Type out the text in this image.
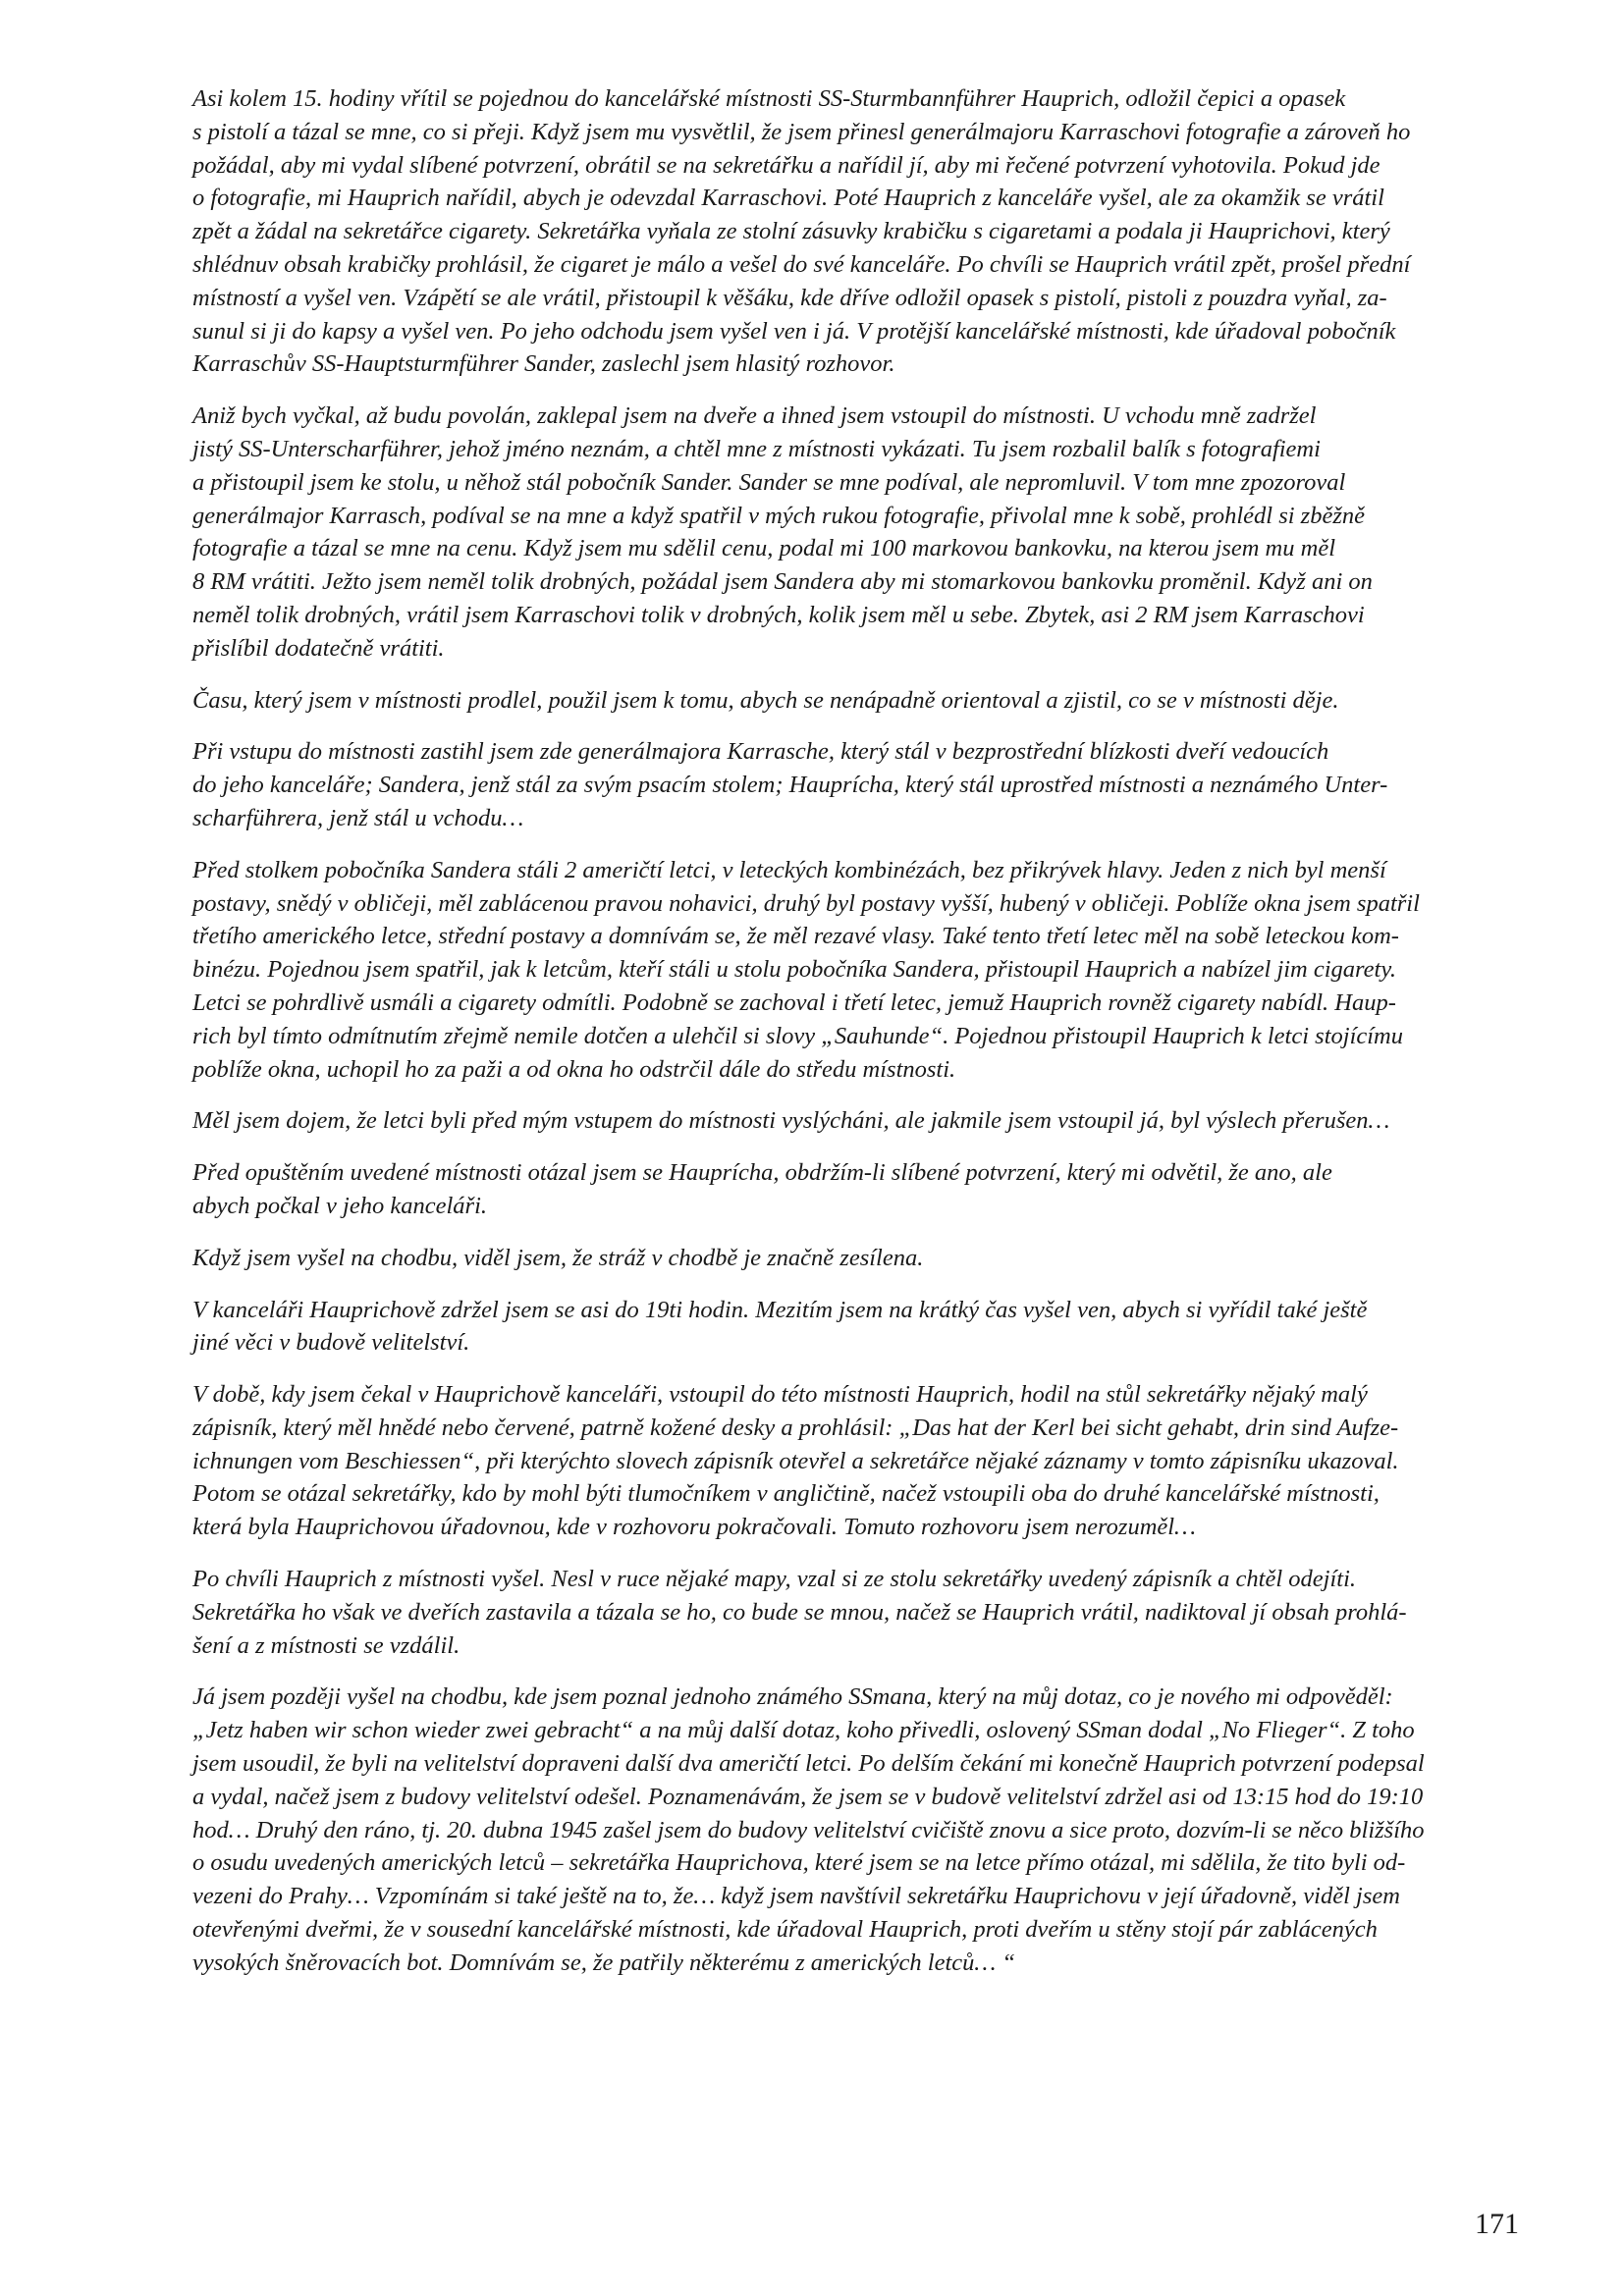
Asi kolem 15. hodiny vřítil se pojednou do kancelářské místnosti SS-Sturmbannführer Hauprich, odložil čepici a opasek
s pistolí a tázal se mne, co si přeji. Když jsem mu vysvětlil, že jsem přinesl generálmajoru Karraschovi fotografie a zároveň ho
požádal, aby mi vydal slíbené potvrzení, obrátil se na sekretářku a nařídil jí, aby mi řečené potvrzení vyhotovila. Pokud jde
o fotografie, mi Hauprich nařídil, abych je odevzdal Karraschovi. Poté Hauprich z kanceláře vyšel, ale za okamžik se vrátil
zpět a žádal na sekretářce cigarety. Sekretářka vyňala ze stolní zásuvky krabičku s cigaretami a podala ji Hauprichovi, který
shlédnuv obsah krabičky prohlásil, že cigaret je málo a vešel do své kanceláře. Po chvíli se Hauprich vrátil zpět, prošel přední
místností a vyšel ven. Vzápětí se ale vrátil, přistoupil k věšáku, kde dříve odložil opasek s pistolí, pistoli z pouzdra vyňal, za-
sunul si ji do kapsy a vyšel ven. Po jeho odchodu jsem vyšel ven i já. V protější kancelářské místnosti, kde úřadoval pobočník
Karraschův SS-Hauptsturmführer Sander, zaslechl jsem hlasitý rozhovor.

Aniž bych vyčkal, až budu povolán, zaklepal jsem na dveře a ihned jsem vstoupil do místnosti. U vchodu mně zadržel
jistý SS-Unterscharführer, jehož jméno neznám, a chtěl mne z místnosti vykázati. Tu jsem rozbalil balík s fotografiemi
a přistoupil jsem ke stolu, u něhož stál pobočník Sander. Sander se mne podíval, ale nepromluvil. V tom mne zpozoroval
generálmajor Karrasch, podíval se na mne a když spatřil v mých rukou fotografie, přivolal mne k sobě, prohlédl si zběžně
fotografie a tázal se mne na cenu. Když jsem mu sdělil cenu, podal mi 100 markovou bankovku, na kterou jsem mu měl
8 RM vrátiti. Ježto jsem neměl tolik drobných, požádal jsem Sandera aby mi stomarkovou bankovku proměnil. Když ani on
neměl tolik drobných, vrátil jsem Karraschovi tolik v drobných, kolik jsem měl u sebe. Zbytek, asi 2 RM jsem Karraschovi
přislíbil dodatečně vrátiti.

Času, který jsem v místnosti prodlel, použil jsem k tomu, abych se nenápadně orientoval a zjistil, co se v místnosti děje.

Při vstupu do místnosti zastihl jsem zde generálmajora Karrasche, který stál v bezprostřední blízkosti dveří vedoucích
do jeho kanceláře; Sandera, jenž stál za svým psacím stolem; Hauprícha, který stál uprostřed místnosti a neznámého Unter-
scharführera, jenž stál u vchodu…

Před stolkem pobočníka Sandera stáli 2 američtí letci, v leteckých kombinézách, bez přikrývek hlavy. Jeden z nich byl menší
postavy, snědý v obličeji, měl zablácenou pravou nohavici, druhý byl postavy vyšší, hubený v obličeji. Poblíže okna jsem spatřil
třetího amerického letce, střední postavy a domnívám se, že měl rezavé vlasy. Také tento třetí letec měl na sobě leteckou kom-
binézu. Pojednou jsem spatřil, jak k letcům, kteří stáli u stolu pobočníka Sandera, přistoupil Hauprich a nabízel jim cigarety.
Letci se pohrdlivě usmáli a cigarety odmítli. Podobně se zachoval i třetí letec, jemuž Hauprich rovněž cigarety nabídl. Haup-
rich byl tímto odmítnutím zřejmě nemile dotčen a ulehčil si slovy „Sauhunde“. Pojednou přistoupil Hauprich k letci stojícímu
poblíže okna, uchopil ho za paži a od okna ho odstrčil dále do středu místnosti.

Měl jsem dojem, že letci byli před mým vstupem do místnosti vyslýcháni, ale jakmile jsem vstoupil já, byl výslech přerušen…

Před opuštěním uvedené místnosti otázal jsem se Hauprícha, obdržím-li slíbené potvrzení, který mi odvětil, že ano, ale
abych počkal v jeho kanceláři.

Když jsem vyšel na chodbu, viděl jsem, že stráž v chodbě je značně zesílena.

V kanceláři Hauprichově zdržel jsem se asi do 19ti hodin. Mezitím jsem na krátký čas vyšel ven, abych si vyřídil také ještě
jiné věci v budově velitelství.

V době, kdy jsem čekal v Hauprichově kanceláři, vstoupil do této místnosti Hauprich, hodil na stůl sekretářky nějaký malý
zápisník, který měl hnědé nebo červené, patrně kožené desky a prohlásil: „Das hat der Kerl bei sicht gehabt, drin sind Aufze-
ichnungen vom Beschiessen“, při kterýchto slovech zápisník otevřel a sekretářce nějaké záznamy v tomto zápisníku ukazoval.
Potom se otázal sekretářky, kdo by mohl býti tlumočníkem v angličtině, načež vstoupili oba do druhé kancelářské místnosti,
která byla Hauprichovou úřadovnou, kde v rozhovoru pokračovali. Tomuto rozhovoru jsem nerozuměl…

Po chvíli Hauprich z místnosti vyšel. Nesl v ruce nějaké mapy, vzal si ze stolu sekretářky uvedený zápisník a chtěl odejíti.
Sekretářka ho však ve dveřích zastavila a tázala se ho, co bude se mnou, načež se Hauprich vrátil, nadiktoval jí obsah prohlá-
šení a z místnosti se vzdálil.

Já jsem později vyšel na chodbu, kde jsem poznal jednoho známého SSmana, který na můj dotaz, co je nového mi odpověděl:
„Jetz haben wir schon wieder zwei gebracht“ a na můj další dotaz, koho přivedli, oslovený SSman dodal „No Flieger“. Z toho
jsem usoudil, že byli na velitelství dopraveni další dva američtí letci. Po delším čekání mi konečně Hauprich potvrzení podepsal
a vydal, načež jsem z budovy velitelství odešel. Poznamenávám, že jsem se v budově velitelství zdržel asi od 13:15 hod do 19:10
hod… Druhý den ráno, tj. 20. dubna 1945 zašel jsem do budovy velitelství cvičiště znovu a sice proto, dozvím-li se něco bližšího
o osudu uvedených amerických letců – sekretářka Hauprichova, které jsem se na letce přímo otázal, mi sdělila, že tito byli od-
vezeni do Prahy… Vzpomínám si také ještě na to, že… když jsem navštívil sekretářku Hauprichovu v její úřadovně, viděl jsem
otevřenými dveřmi, že v sousední kancelářské místnosti, kde úřadoval Hauprich, proti dveřím u stěny stojí pár zablácených
vysokých šněrovacích bot. Domnívám se, že patřily některému z amerických letců… “

171
